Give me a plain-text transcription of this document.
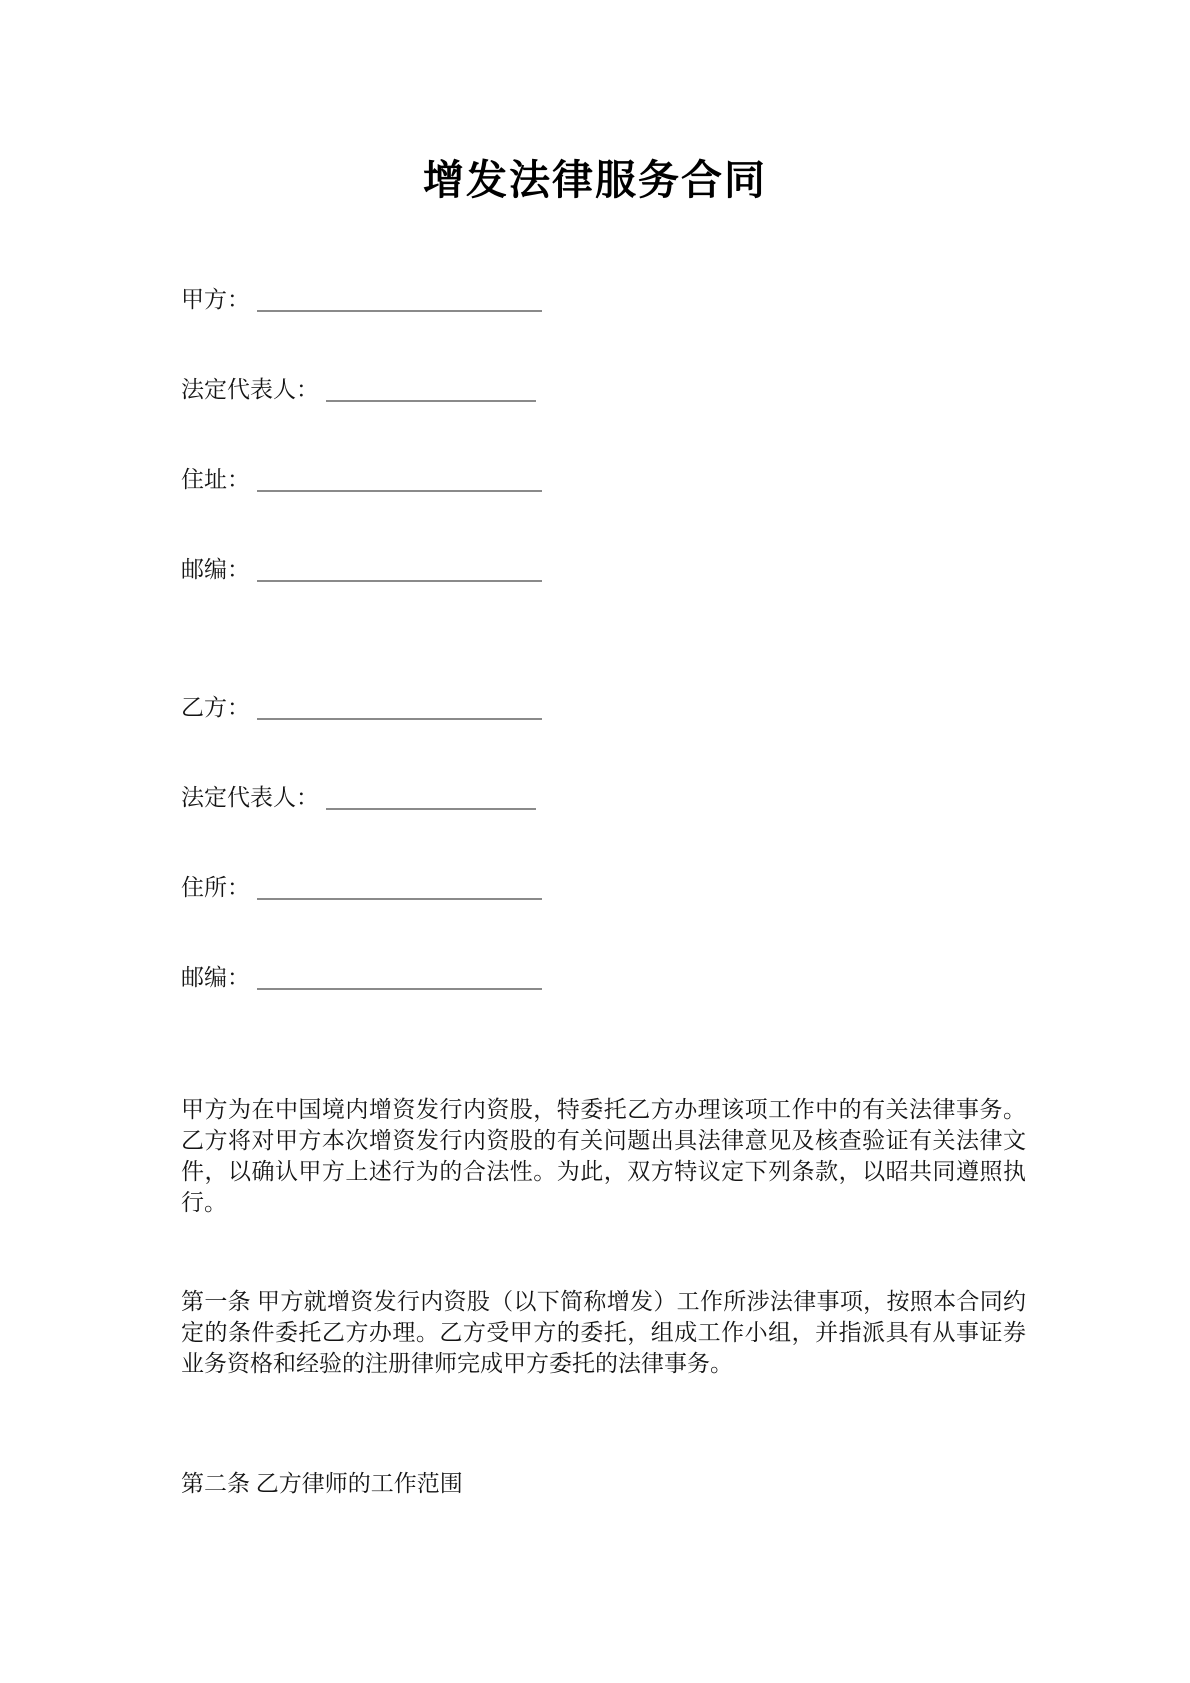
增发法律服务合同
甲方：
法定代表人：
住址：
邮编：
乙方：
法定代表人：
住所：
邮编：
甲方为在中国境内增资发行内资股，特委托乙方办理该项工作中的有关法律事务。乙方将对甲方本次增资发行内资股的有关问题出具法律意见及核查验证有关法律文件，以确认甲方上述行为的合法性。为此，双方特议定下列条款，以昭共同遵照执行。
第一条 甲方就增资发行内资股（以下简称增发）工作所涉法律事项，按照本合同约定的条件委托乙方办理。乙方受甲方的委托，组成工作小组，并指派具有从事证券业务资格和经验的注册律师完成甲方委托的法律事务。
第二条 乙方律师的工作范围
